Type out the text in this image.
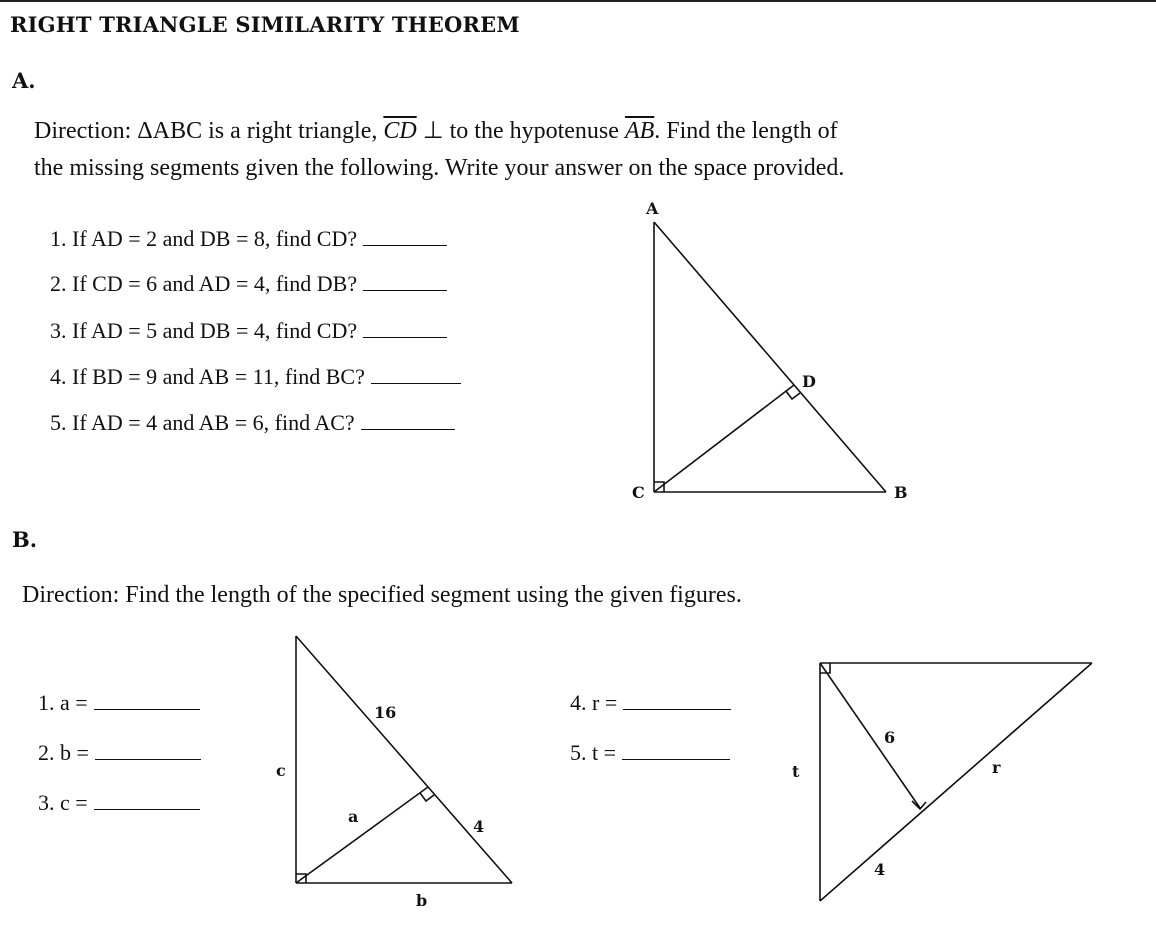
RIGHT TRIANGLE SIMILARITY THEOREM
A.
Direction: ΔABC is a right triangle, $\overline{CD}$ ⊥ to the hypotenuse $\overline{AB}$. Find the length of
the missing segments given the following. Write your answer on the space provided.
1. If AD = 2 and DB = 8, find CD?
2. If CD = 6 and AD = 4, find DB?
3. If AD = 5 and DB = 4, find CD?
4. If BD = 9 and AB = 11, find BC?
5. If AD = 4 and AB = 6, find AC?
A
D
C	B
B.
Direction: Find the length of the specified segment using the given figures.
1. a =
2. b =
3. c =
4. r =
5. t =
16
c
a
4
b
6
t	r
4
